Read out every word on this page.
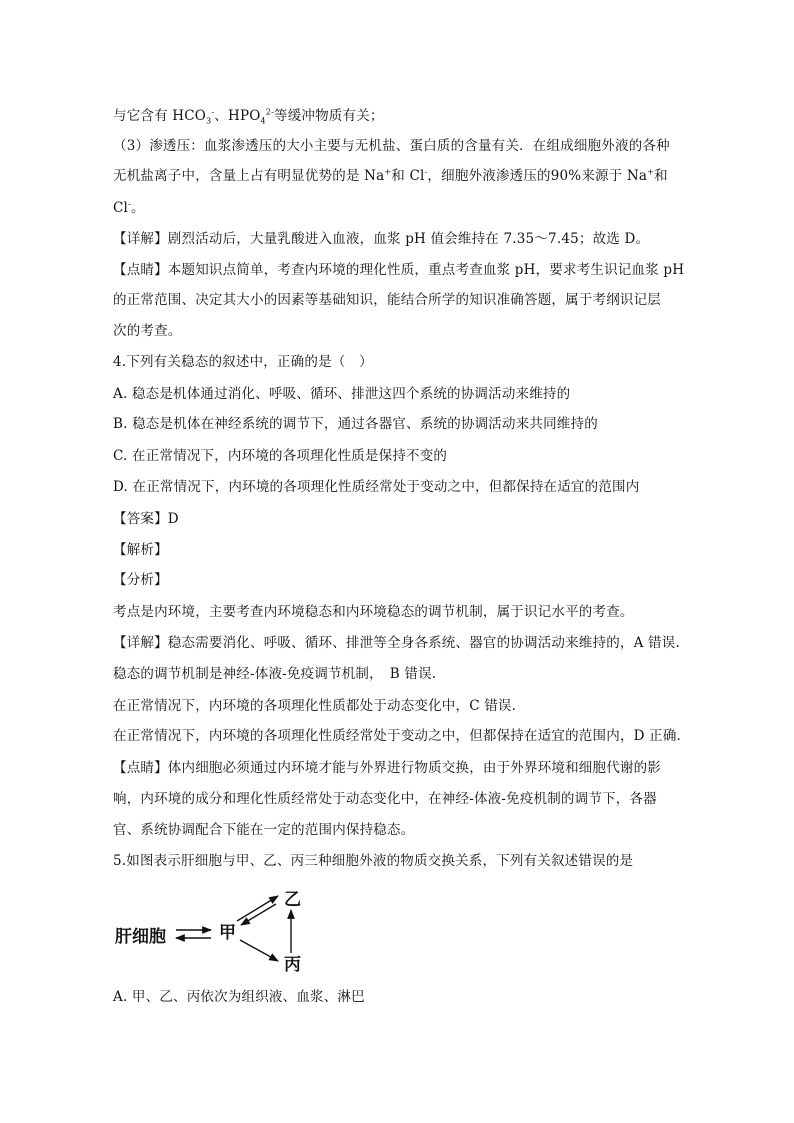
与它含有 $HCO_3^-$、$HPO_4^{2-}$等缓冲物质有关；
（3）渗透压：血浆渗透压的大小主要与无机盐、蛋白质的含量有关．在组成细胞外液的各种
无机盐离子中，含量上占有明显优势的是 Na+和 Cl-，细胞外液渗透压的90%来源于 Na+和
Cl-。
【详解】剧烈活动后，大量乳酸进入血液，血浆 pH 值会维持在 7.35～7.45；故选 D。
【点睛】本题知识点简单，考查内环境的理化性质，重点考查血浆 pH，要求考生识记血浆 pH
的正常范围、决定其大小的因素等基础知识，能结合所学的知识准确答题，属于考纲识记层
次的考查。
4.下列有关稳态的叙述中，正确的是（　）
A. 稳态是机体通过消化、呼吸、循环、排泄这四个系统的协调活动来维持的
B. 稳态是机体在神经系统的调节下，通过各器官、系统的协调活动来共同维持的
C. 在正常情况下，内环境的各项理化性质是保持不变的
D. 在正常情况下，内环境的各项理化性质经常处于变动之中，但都保持在适宜的范围内
【答案】D
【解析】
【分析】
考点是内环境，主要考查内环境稳态和内环境稳态的调节机制，属于识记水平的考查。
【详解】稳态需要消化、呼吸、循环、排泄等全身各系统、器官的协调活动来维持的，A 错误.
稳态的调节机制是神经-体液-免疫调节机制，　B 错误.
在正常情况下，内环境的各项理化性质都处于动态变化中，C 错误.
在正常情况下，内环境的各项理化性质经常处于变动之中，但都保持在适宜的范围内，D 正确.
【点睛】体内细胞必须通过内环境才能与外界进行物质交换，由于外界环境和细胞代谢的影
响，内环境的成分和理化性质经常处于动态变化中，在神经-体液-免疫机制的调节下，各器
官、系统协调配合下能在一定的范围内保持稳态。
5.如图表示肝细胞与甲、乙、丙三种细胞外液的物质交换关系，下列有关叙述错误的是
肝细胞	甲
乙
丙
A. 甲、乙、丙依次为组织液、血浆、淋巴
